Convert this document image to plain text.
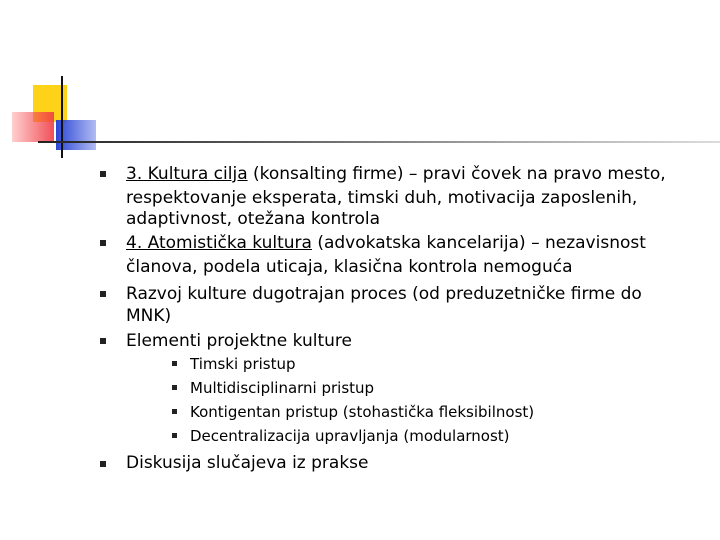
3. Kultura cilja (konsalting firme) – pravi čovek na pravo mesto,
respektovanje eksperata, timski duh, motivacija zaposlenih,
adaptivnost, otežana kontrola
4. Atomistička kultura (advokatska kancelarija) – nezavisnost
članova, podela uticaja, klasična kontrola nemoguća
Razvoj kulture dugotrajan proces (od preduzetničke firme do
MNK)
Elementi projektne kulture
Timski pristup
Multidisciplinarni pristup
Kontigentan pristup (stohastička fleksibilnost)
Decentralizacija upravljanja (modularnost)
Diskusija slučajeva iz prakse
